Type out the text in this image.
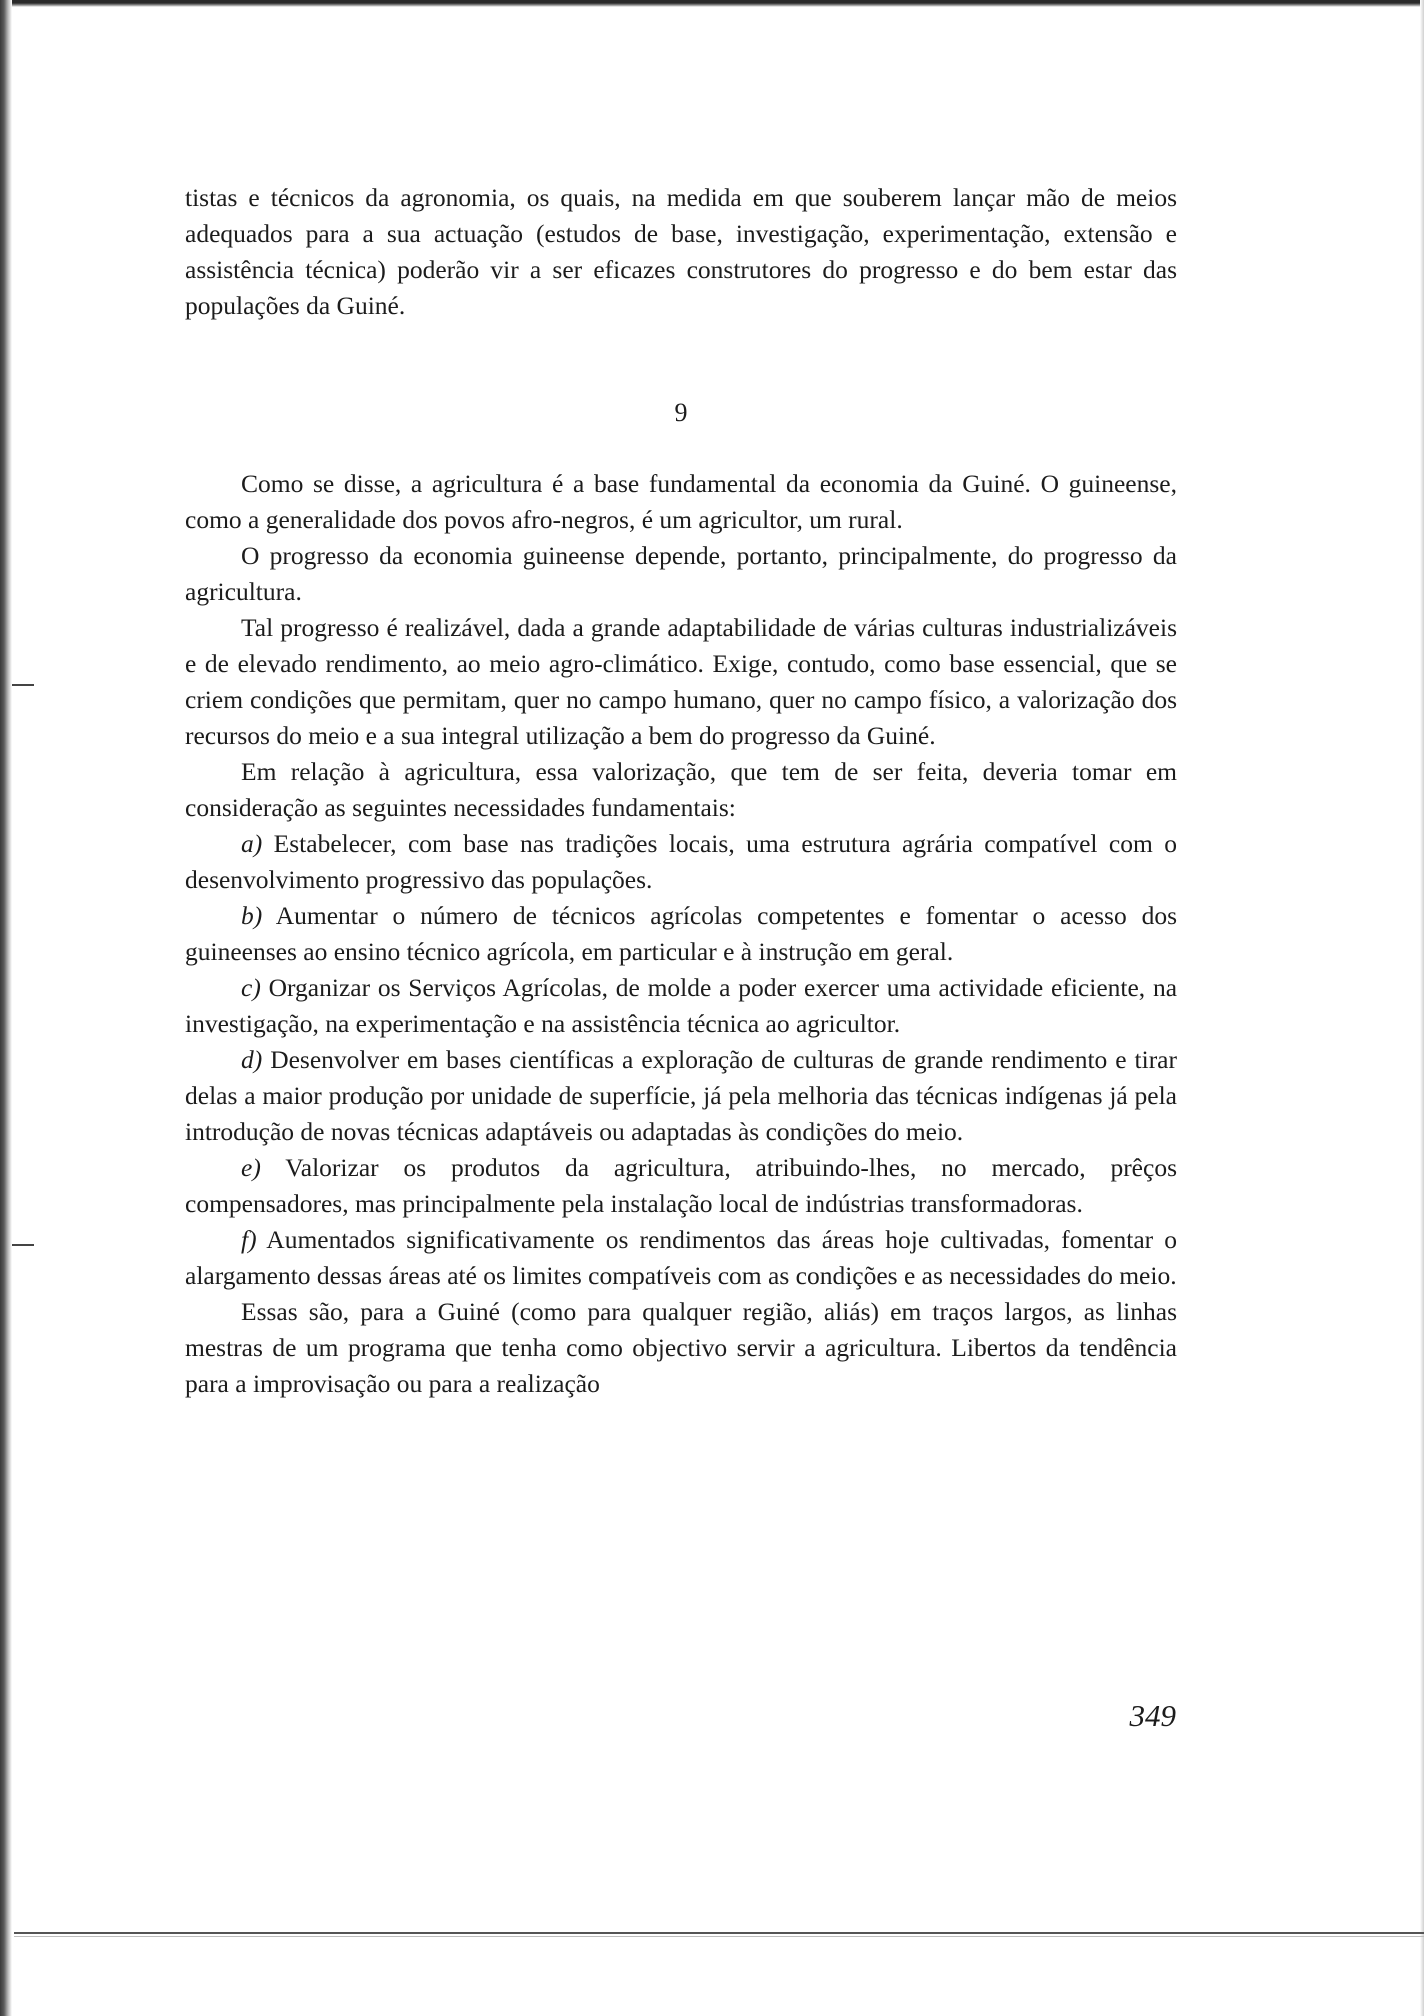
tistas e técnicos da agronomia, os quais, na medida em que souberem lançar mão de meios adequados para a sua actuação (estudos de base, investigação, experimentação, extensão e assistência técnica) poderão vir a ser eficazes construtores do progresso e do bem estar das populações da Guiné.

9

Como se disse, a agricultura é a base fundamental da economia da Guiné. O guineense, como a generalidade dos povos afro-negros, é um agricultor, um rural.

O progresso da economia guineense depende, portanto, principalmente, do progresso da agricultura.

Tal progresso é realizável, dada a grande adaptabilidade de várias culturas industrializáveis e de elevado rendimento, ao meio agro-climático. Exige, contudo, como base essencial, que se criem condições que permitam, quer no campo humano, quer no campo físico, a valorização dos recursos do meio e a sua integral utilização a bem do progresso da Guiné.

Em relação à agricultura, essa valorização, que tem de ser feita, deveria tomar em consideração as seguintes necessidades fundamentais:

a) Estabelecer, com base nas tradições locais, uma estrutura agrária compatível com o desenvolvimento progressivo das populações.

b) Aumentar o número de técnicos agrícolas competentes e fomentar o acesso dos guineenses ao ensino técnico agrícola, em particular e à instrução em geral.

c) Organizar os Serviços Agrícolas, de molde a poder exercer uma actividade eficiente, na investigação, na experimentação e na assistência técnica ao agricultor.

d) Desenvolver em bases científicas a exploração de culturas de grande rendimento e tirar delas a maior produção por unidade de superfície, já pela melhoria das técnicas indígenas já pela introdução de novas técnicas adaptáveis ou adaptadas às condições do meio.

e) Valorizar os produtos da agricultura, atribuindo-lhes, no mercado, prêços compensadores, mas principalmente pela instalação local de indústrias transformadoras.

f) Aumentados significativamente os rendimentos das áreas hoje cultivadas, fomentar o alargamento dessas áreas até os limites compatíveis com as condições e as necessidades do meio.

Essas são, para a Guiné (como para qualquer região, aliás) em traços largos, as linhas mestras de um programa que tenha como objectivo servir a agricultura. Libertos da tendência para a improvisação ou para a realização

349
